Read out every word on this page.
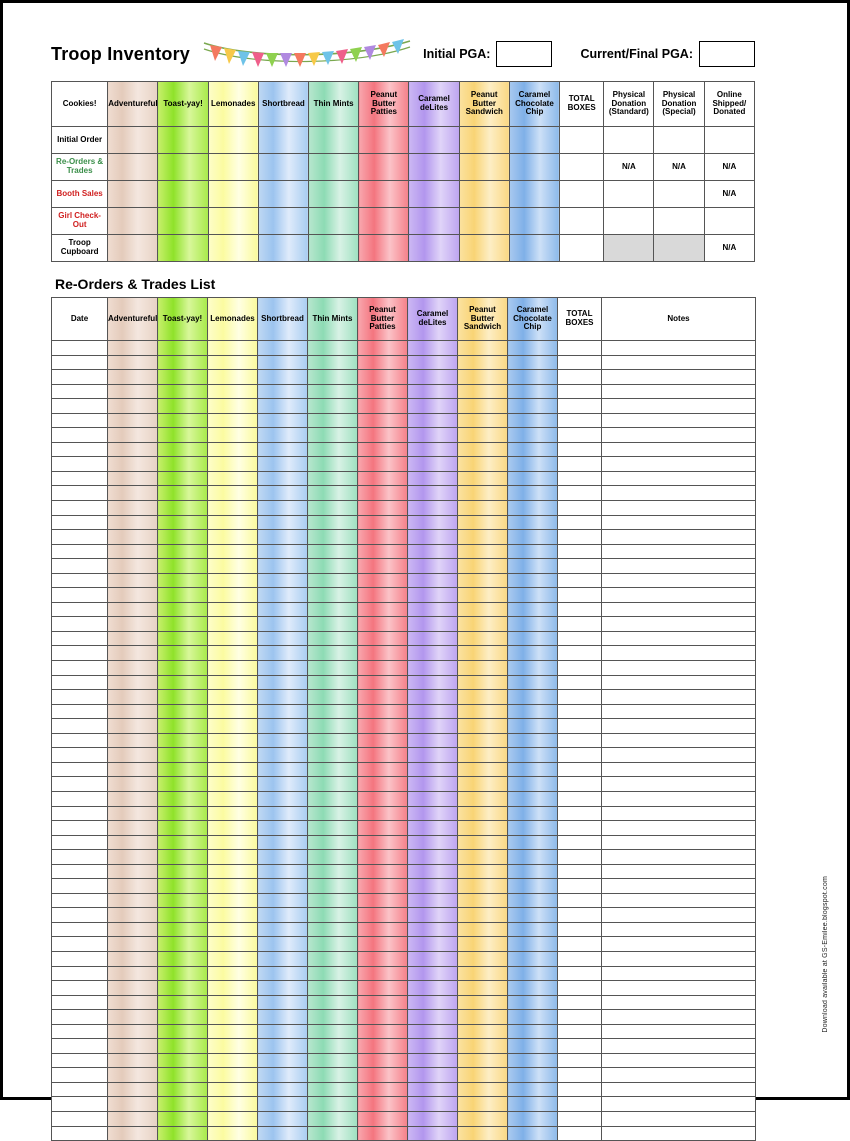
Troop Inventory	Initial PGA:	Current/Final PGA:
Cookies!	Adventureful	Toast-yay!	Lemonades	Shortbread	Thin Mints	Peanut Butter Patties	Caramel deLites	Peanut Butter Sandwich	Caramel Chocolate Chip	TOTAL BOXES	Physical Donation (Standard)	Physical Donation (Special)	Online Shipped/ Donated
Initial Order													
Re-Orders & Trades											N/A	N/A	N/A
Booth Sales													N/A
Girl Check-Out													
Troop Cupboard													N/A
Re-Orders & Trades List
Date	Adventureful	Toast-yay!	Lemonades	Shortbread	Thin Mints	Peanut Butter Patties	Caramel deLites	Peanut Butter Sandwich	Caramel Chocolate Chip	TOTAL BOXES	Notes

Download available at GS-Emilee.blogspot.com
